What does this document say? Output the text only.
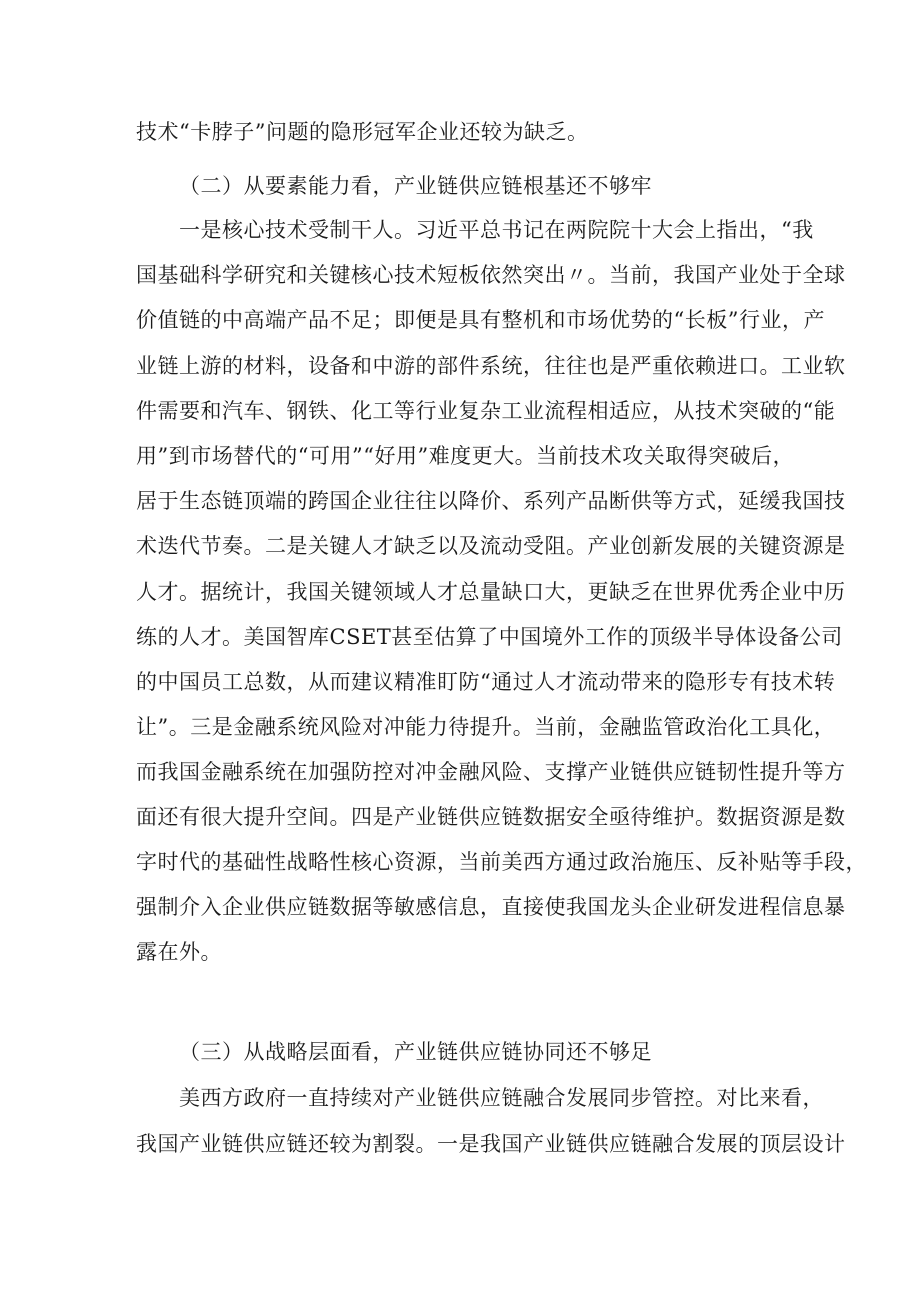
技术“卡脖子”问题的隐形冠军企业还较为缺乏。
（二）从要素能力看，产业链供应链根基还不够牢
一是核心技术受制干人。习近平总书记在两院院十大会上指出，“我
国基础科学研究和关键核心技术短板依然突出〃。当前，我国产业处于全球
价值链的中高端产品不足；即便是具有整机和市场优势的“长板”行业，产
业链上游的材料，设备和中游的部件系统，往往也是严重依赖进口。工业软
件需要和汽车、钢铁、化工等行业复杂工业流程相适应，从技术突破的“能
用”到市场替代的“可用”“好用”难度更大。当前技术攻关取得突破后，
居于生态链顶端的跨国企业往往以降价、系列产品断供等方式，延缓我国技
术迭代节奏。二是关键人才缺乏以及流动受阻。产业创新发展的关键资源是
人才。据统计，我国关键领域人才总量缺口大，更缺乏在世界优秀企业中历
练的人才。美国智库CSET甚至估算了中国境外工作的顶级半导体设备公司
的中国员工总数，从而建议精准盯防“通过人才流动带来的隐形专有技术转
让”。三是金融系统风险对冲能力待提升。当前，金融监管政治化工具化，
而我国金融系统在加强防控对冲金融风险、支撑产业链供应链韧性提升等方
面还有很大提升空间。四是产业链供应链数据安全亟待维护。数据资源是数
字时代的基础性战略性核心资源，当前美西方通过政治施压、反补贴等手段，
强制介入企业供应链数据等敏感信息，直接使我国龙头企业研发进程信息暴
露在外。
（三）从战略层面看，产业链供应链协同还不够足
美西方政府一直持续对产业链供应链融合发展同步管控。对比来看，
我国产业链供应链还较为割裂。一是我国产业链供应链融合发展的顶层设计
